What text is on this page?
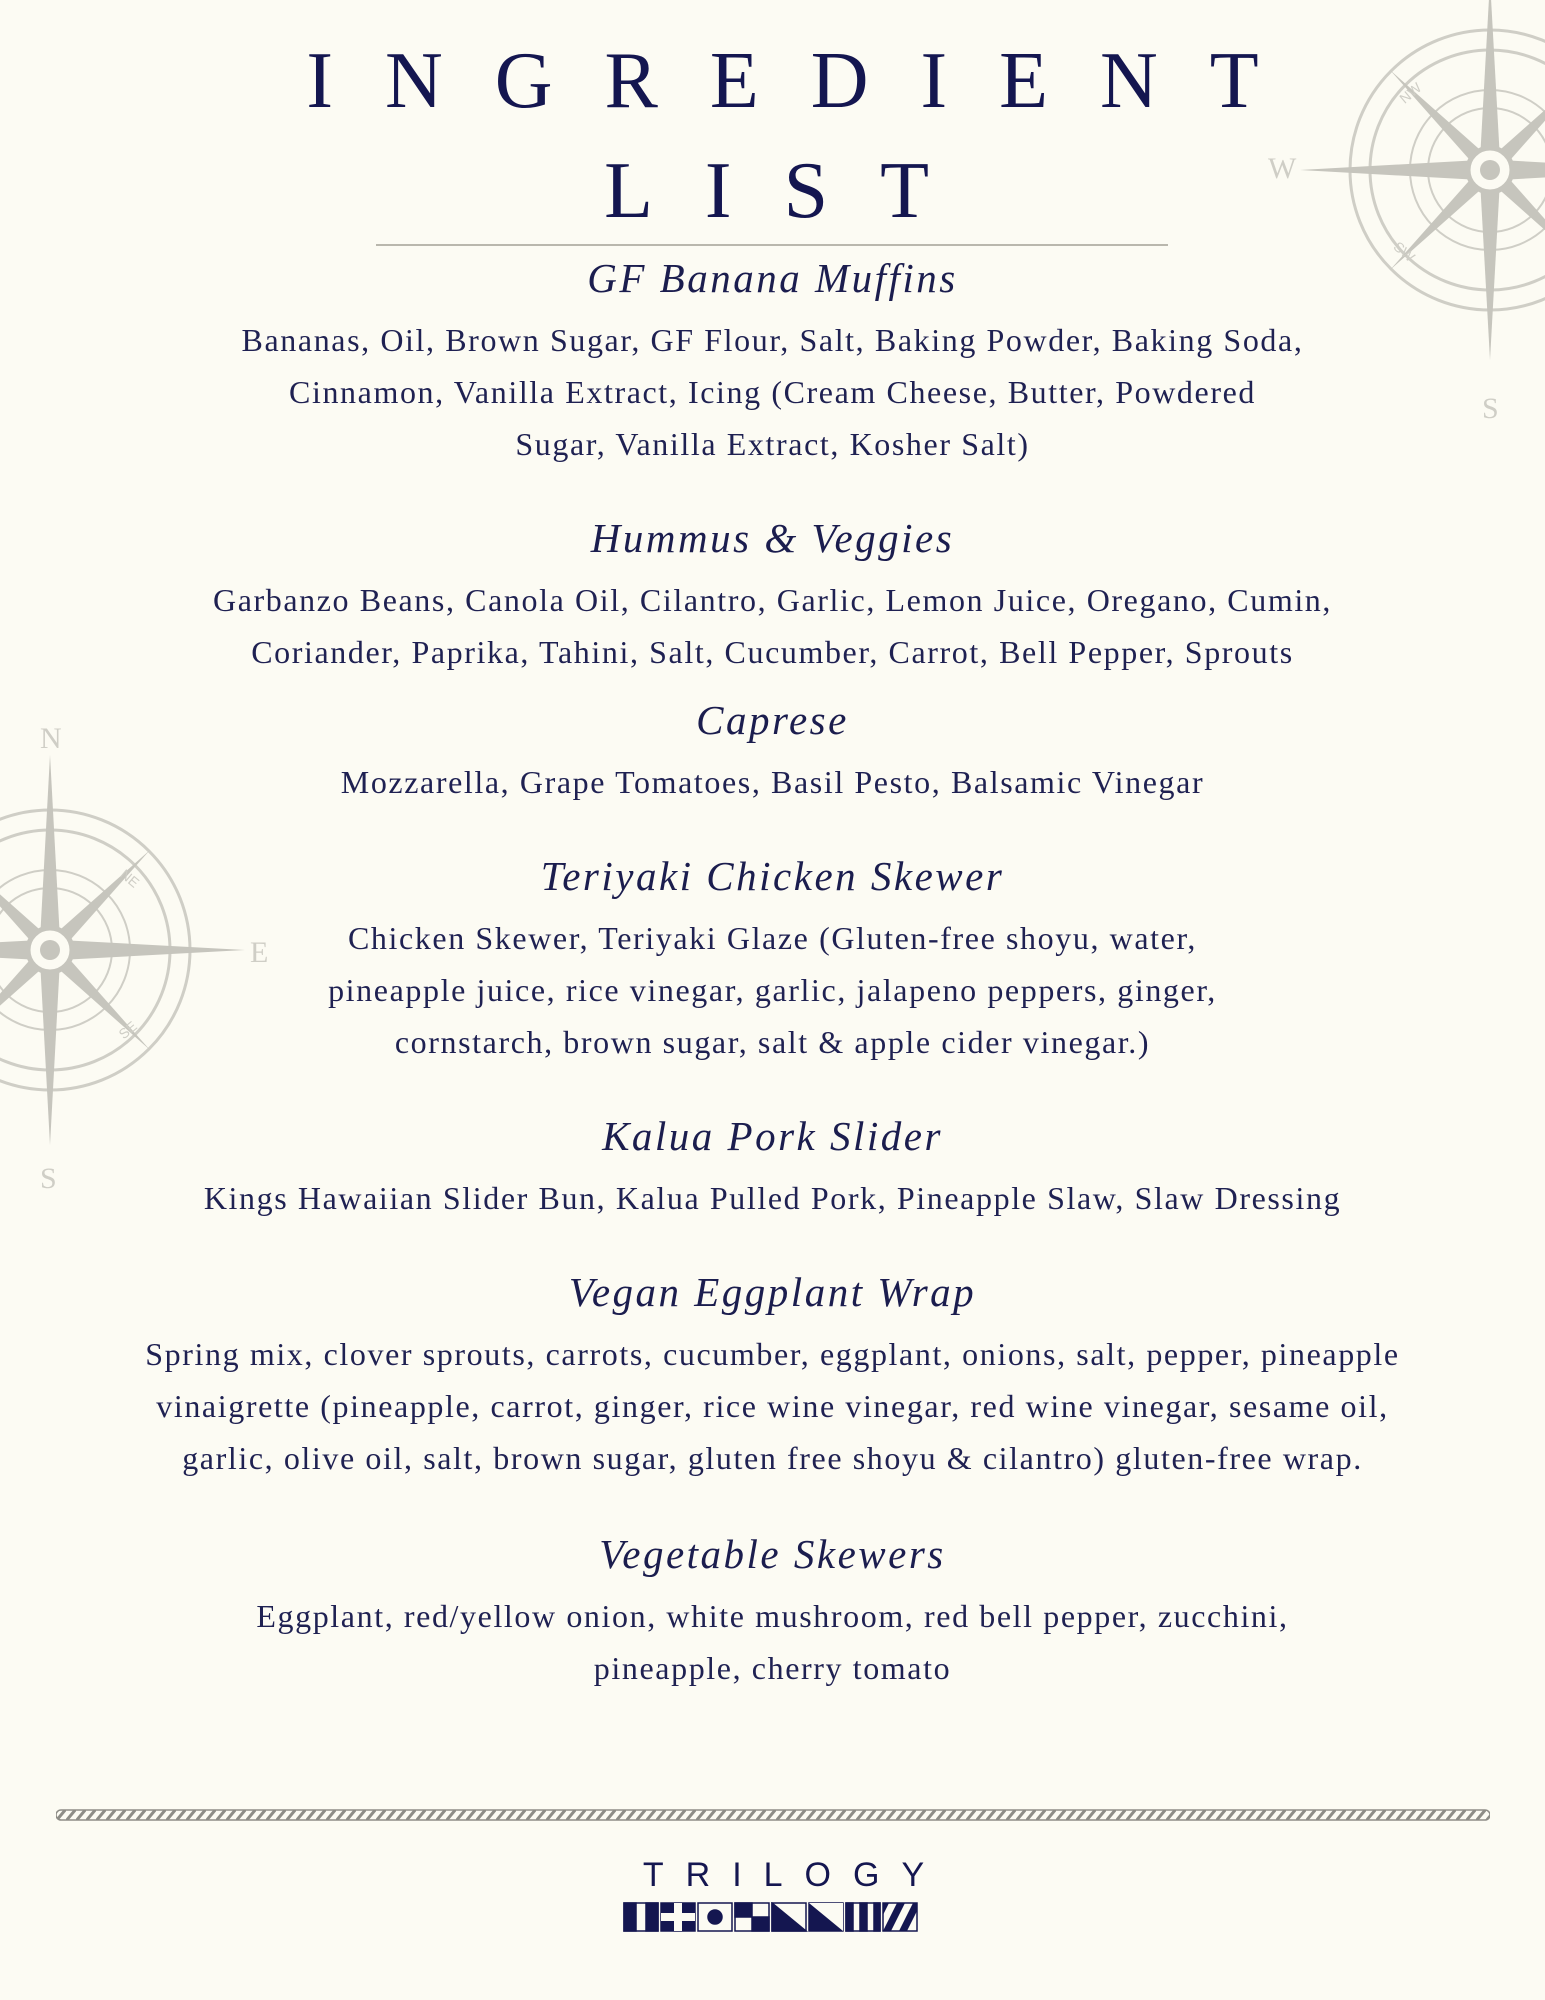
W
S
NW
SW
N
E
S
NE
SE
INGREDIENT
LIST
GF Banana Muffins

Bananas, Oil, Brown Sugar, GF Flour, Salt, Baking Powder, Baking Soda,
Cinnamon, Vanilla Extract, Icing (Cream Cheese, Butter, Powdered
Sugar, Vanilla Extract, Kosher Salt)

Hummus & Veggies

Garbanzo Beans, Canola Oil, Cilantro, Garlic, Lemon Juice, Oregano, Cumin,
Coriander, Paprika, Tahini, Salt, Cucumber, Carrot, Bell Pepper, Sprouts

Caprese

Mozzarella, Grape Tomatoes, Basil Pesto, Balsamic Vinegar

Teriyaki Chicken Skewer

Chicken Skewer, Teriyaki Glaze (Gluten-free shoyu, water,
pineapple juice, rice vinegar, garlic, jalapeno peppers, ginger,
cornstarch, brown sugar, salt & apple cider vinegar.)

Kalua Pork Slider

Kings Hawaiian Slider Bun, Kalua Pulled Pork, Pineapple Slaw, Slaw Dressing

Vegan Eggplant Wrap

Spring mix, clover sprouts, carrots, cucumber, eggplant, onions, salt, pepper, pineapple
vinaigrette (pineapple, carrot, ginger, rice wine vinegar, red wine vinegar, sesame oil,
garlic, olive oil, salt, brown sugar, gluten free shoyu & cilantro) gluten-free wrap.

Vegetable Skewers

Eggplant, red/yellow onion, white mushroom, red bell pepper, zucchini,
pineapple, cherry tomato

TRILOGY
